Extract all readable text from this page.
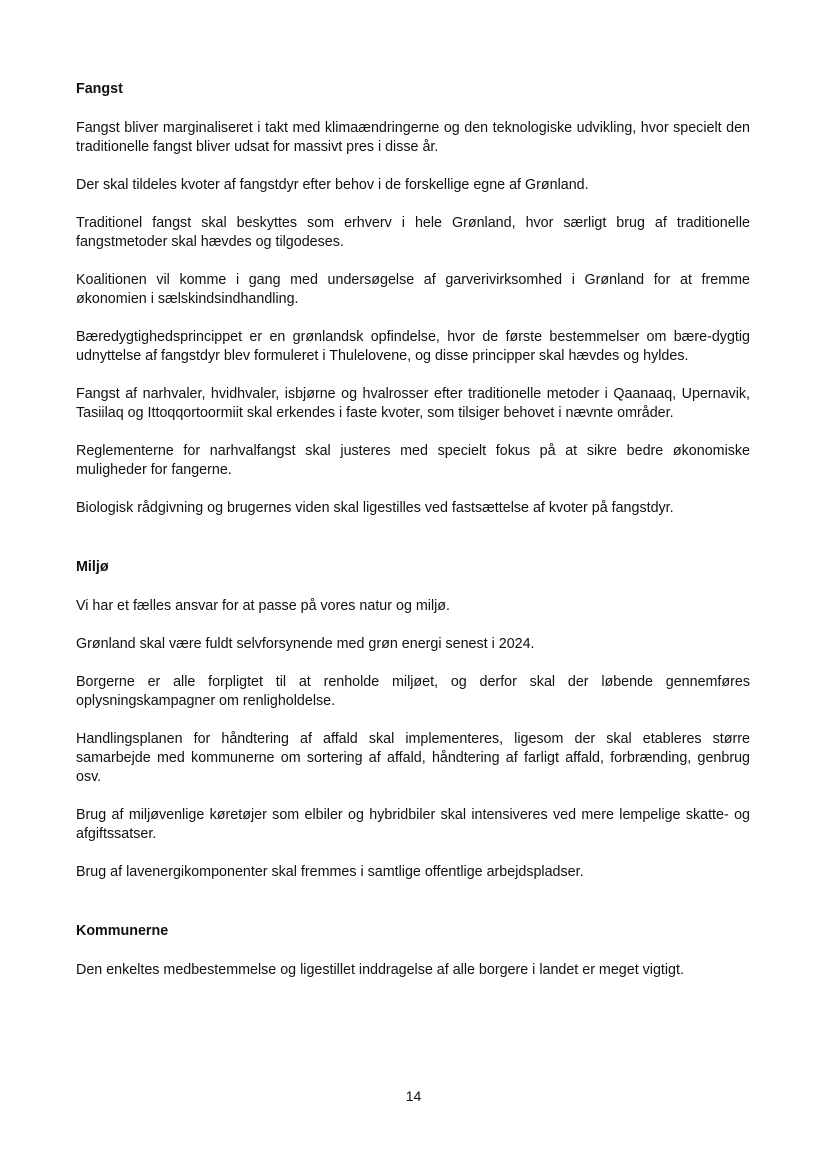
Fangst

Fangst bliver marginaliseret i takt med klimaændringerne og den teknologiske udvikling, hvor specielt den traditionelle fangst bliver udsat for massivt pres i disse år.

Der skal tildeles kvoter af fangstdyr efter behov i de forskellige egne af Grønland.

Traditionel fangst skal beskyttes som erhverv i hele Grønland, hvor særligt brug af traditionelle fangstmetoder skal hævdes og tilgodeses.

Koalitionen vil komme i gang med undersøgelse af garverivirksomhed i Grønland for at fremme økonomien i sælskindsindhandling.

Bæredygtighedsprincippet er en grønlandsk opfindelse, hvor de første bestemmelser om bære-dygtig udnyttelse af fangstdyr blev formuleret i Thulelovene, og disse principper skal hævdes og hyldes.

Fangst af narhvaler, hvidhvaler, isbjørne og hvalrosser efter traditionelle metoder i Qaanaaq, Upernavik, Tasiilaq og Ittoqqortoormiit skal erkendes i faste kvoter, som tilsiger behovet i nævnte områder.

Reglementerne for narhvalfangst skal justeres med specielt fokus på at sikre bedre økonomiske muligheder for fangerne.

Biologisk rådgivning og brugernes viden skal ligestilles ved fastsættelse af kvoter på fangstdyr.

Miljø

Vi har et fælles ansvar for at passe på vores natur og miljø.

Grønland skal være fuldt selvforsynende med grøn energi senest i 2024.

Borgerne er alle forpligtet til at renholde miljøet, og derfor skal der løbende gennemføres oplysningskampagner om renligholdelse.

Handlingsplanen for håndtering af affald skal implementeres, ligesom der skal etableres større samarbejde med kommunerne om sortering af affald, håndtering af farligt affald, forbrænding, genbrug osv.

Brug af miljøvenlige køretøjer som elbiler og hybridbiler skal intensiveres ved mere lempelige skatte- og afgiftssatser.

Brug af lavenergikomponenter skal fremmes i samtlige offentlige arbejdspladser.

Kommunerne

Den enkeltes medbestemmelse og ligestillet inddragelse af alle borgere i landet er meget vigtigt.

14
